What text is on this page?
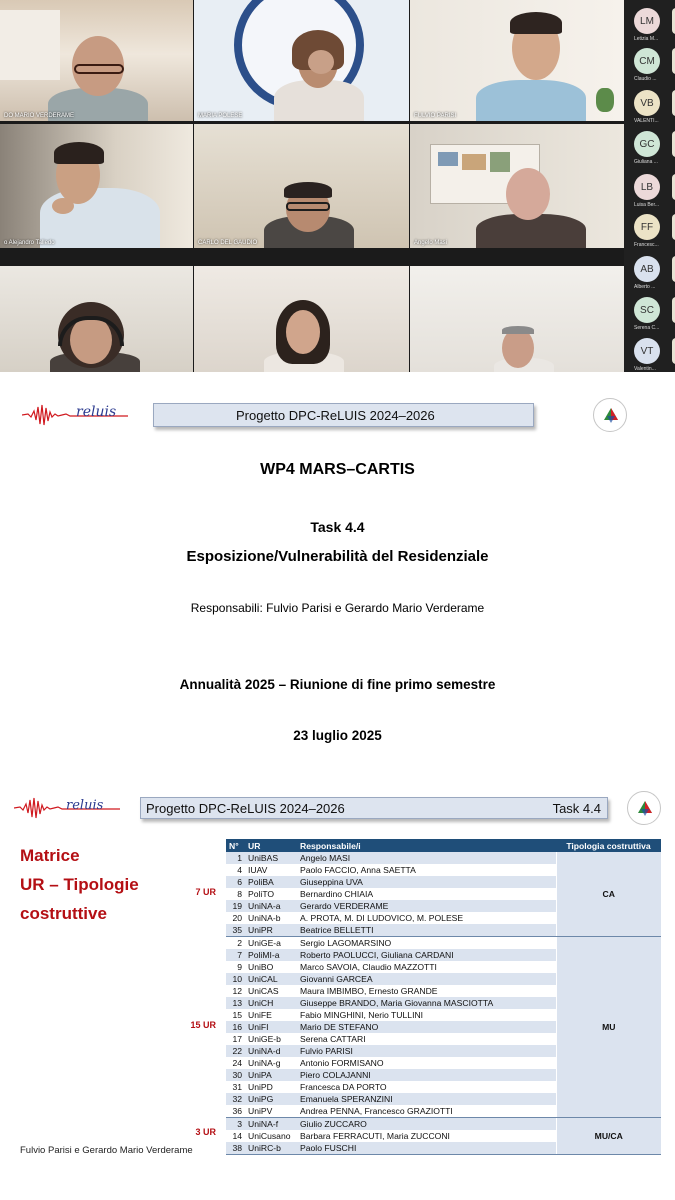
DO MARIO VERDERAME	MARIA POLESE	FULVIO PARISI
o Alejandro Talledo	CARLO DEL GAUDIO	Angelo Masi
LM
Letizia M...
CM
Claudio ...
VB
VALENTI...
GC
Giuliana ...
LB
Luisa Ber...
FF
Francesc...
AB
Alberto ...
SC
Serena C...
VT
Valentin...
reluis	Progetto DPC-ReLUIS 2024–2026
WP4 MARS–CARTIS
Task 4.4
Esposizione/Vulnerabilità del Residenziale
Responsabili: Fulvio Parisi e Gerardo Mario Verderame
Annualità 2025 – Riunione di fine primo semestre
23 luglio 2025
reluis	Progetto DPC-ReLUIS 2024–2026	Task 4.4
Matrice
UR – Tipologie
costruttive
7 UR
15 UR
3 UR
N°	UR	Responsabile/i	Tipologia costruttiva
1	UniBAS	Angelo MASI	CA
4	IUAV	Paolo FACCIO, Anna SAETTA	
6	PoliBA	Giuseppina UVA	
8	PoliTO	Bernardino CHIAIA	
19	UniNA-a	Gerardo VERDERAME	
20	UniNA-b	A. PROTA, M. DI LUDOVICO, M. POLESE	
35	UniPR	Beatrice BELLETTI	
2	UniGE-a	Sergio LAGOMARSINO	MU
7	PoliMI-a	Roberto PAOLUCCI, Giuliana CARDANI	
9	UniBO	Marco SAVOIA, Claudio MAZZOTTI	
10	UniCAL	Giovanni GARCEA	
12	UniCAS	Maura IMBIMBO, Ernesto GRANDE	
13	UniCH	Giuseppe BRANDO, Maria Giovanna MASCIOTTA	
15	UniFE	Fabio MINGHINI, Nerio TULLINI	
16	UniFI	Mario DE STEFANO	
17	UniGE-b	Serena CATTARI	
22	UniNA-d	Fulvio PARISI	
24	UniNA-g	Antonio FORMISANO	
30	UniPA	Piero COLAJANNI	
31	UniPD	Francesca DA PORTO	
32	UniPG	Emanuela SPERANZINI	
36	UniPV	Andrea PENNA, Francesco GRAZIOTTI	
3	UniNA-f	Giulio ZUCCARO	MU/CA
14	UniCusano	Barbara FERRACUTI, Maria ZUCCONI	
38	UniRC-b	Paolo FUSCHI	
Fulvio Parisi e Gerardo Mario Verderame
